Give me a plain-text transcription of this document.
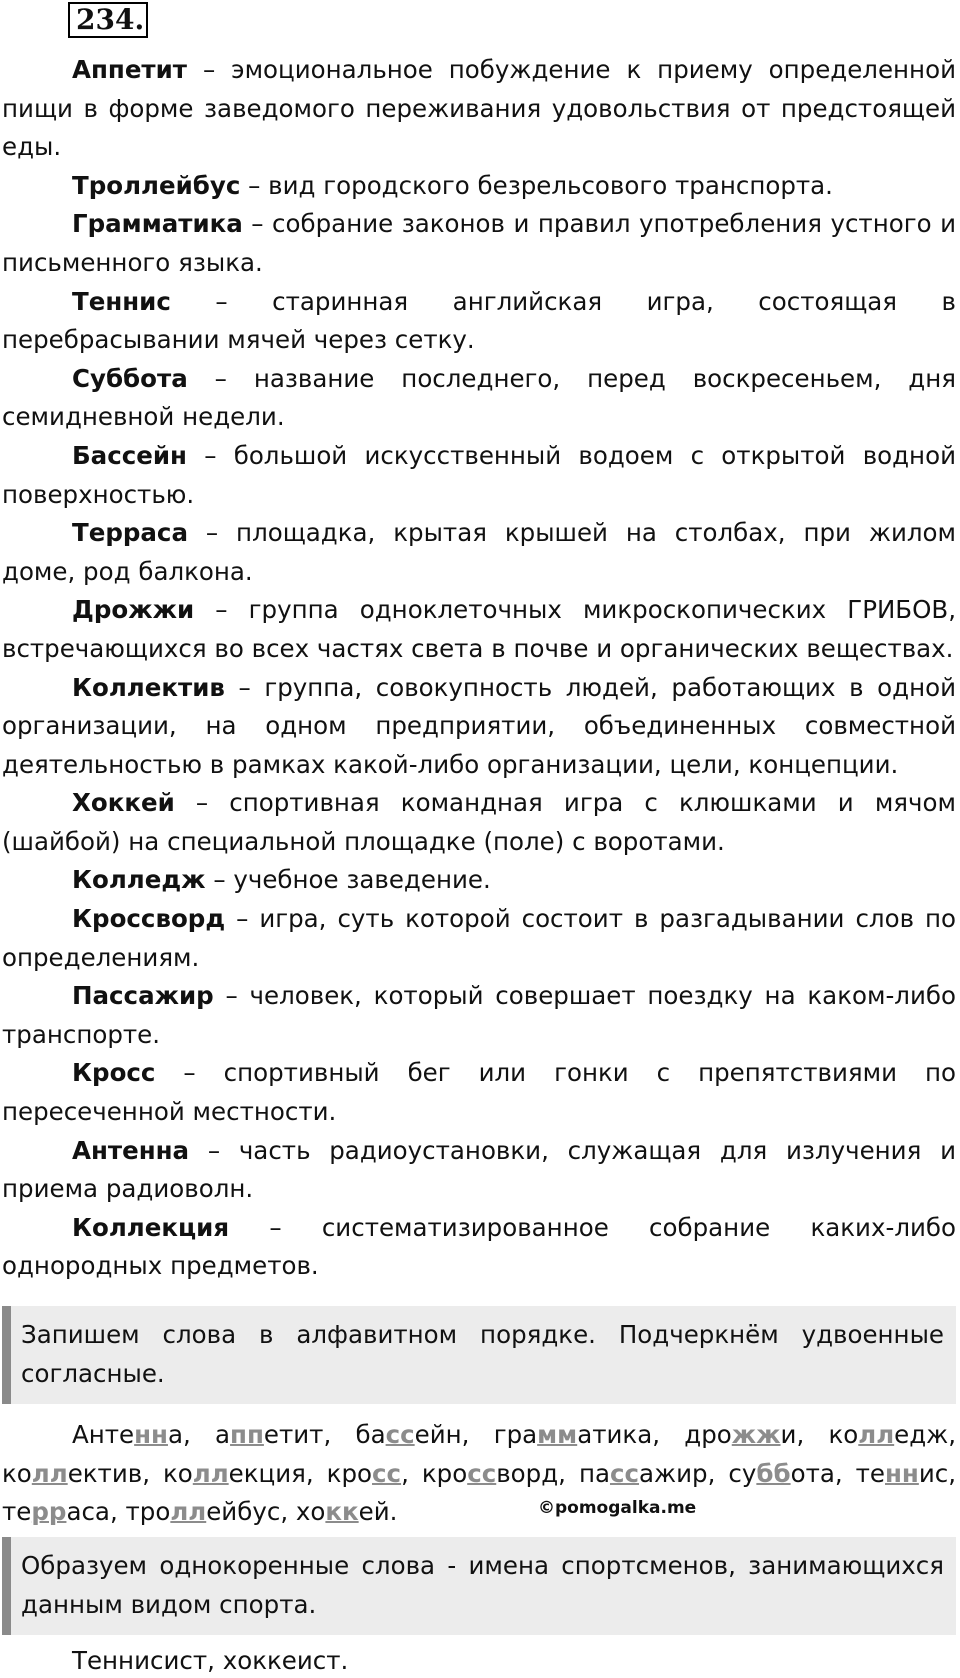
234.

Аппетит – эмоциональное побуждение к приему определенной пищи в форме заведомого переживания удовольствия от предстоящей еды.

Троллейбус – вид городского безрельсового транспорта.

Грамматика – собрание законов и правил употребления устного и письменного языка.

Теннис – старинная английская игра, состоящая в перебрасывании мячей через сетку.

Суббота – название последнего, перед воскресеньем, дня семидневной недели.

Бассейн – большой искусственный водоем с открытой водной поверхностью.

Терраса – площадка, крытая крышей на столбах, при жилом доме, род балкона.

Дрожжи – группа одноклеточных микроскопических ГРИБОВ, встречающихся во всех частях света в почве и органических веществах.

Коллектив – группа, совокупность людей, работающих в одной организации, на одном предприятии, объединенных совместной деятельностью в рамках какой-либо организации, цели, концепции.

Хоккей – спортивная командная игра с клюшками и мячом (шайбой) на специальной площадке (поле) с воротами.

Колледж – учебное заведение.

Кроссворд – игра, суть которой состоит в разгадывании слов по определениям.

Пассажир – человек, который совершает поездку на каком-либо транспорте.

Кросс – спортивный бег или гонки с препятствиями по пересеченной местности.

Антенна – часть радиоустановки, служащая для излучения и приема радиоволн.

Коллекция – систематизированное собрание каких-либо однородных предметов.

Запишем слова в алфавитном порядке. Подчеркнём удвоенные согласные.

Антенна, аппетит, бассейн, грамматика, дрожжи, колледж, коллектив, коллекция, кросс, кроссворд, пассажир, суббота, теннис, терраса, троллейбус, хоккей.	©pomogalka.me
Образуем однокоренные слова - имена спортсменов, занимающихся данным видом спорта.

Теннисист, хоккеист.
